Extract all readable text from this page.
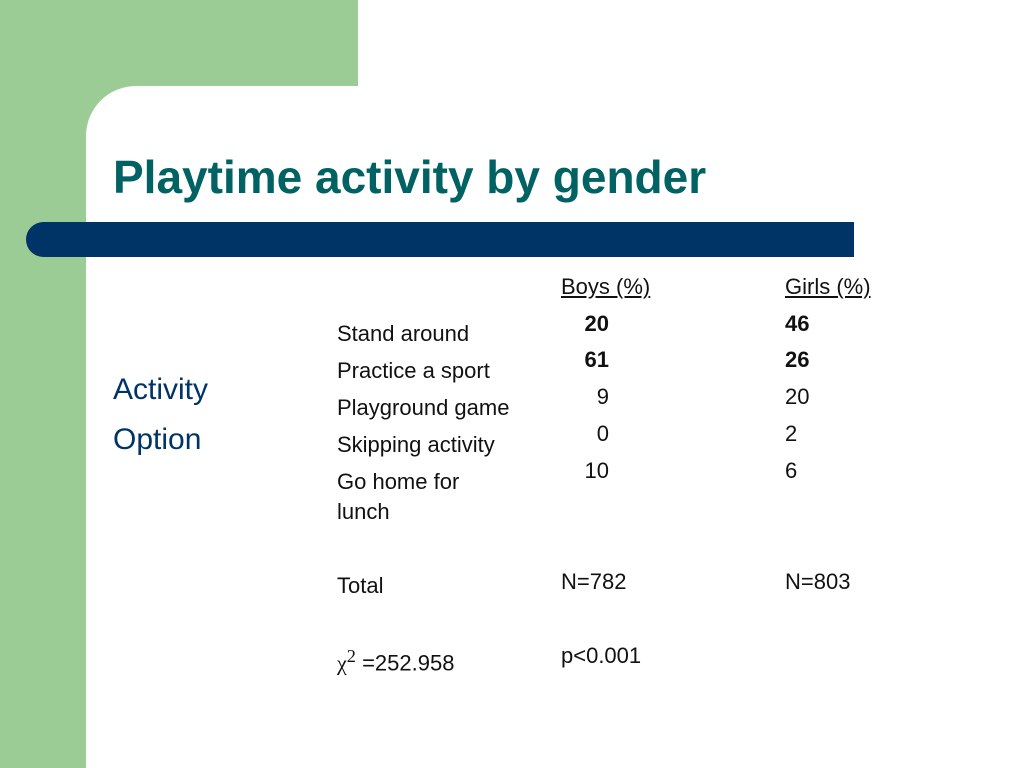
Playtime activity by gender
Activity
Option
Boys (%)	Girls (%)
Stand around	20	46
Practice a sport	61	26
Playground game	9	20
Skipping activity	0	2
Go home for
lunch
10	6
Total	N=782	N=803
$\chi^2 =252.958$	p<0.001
